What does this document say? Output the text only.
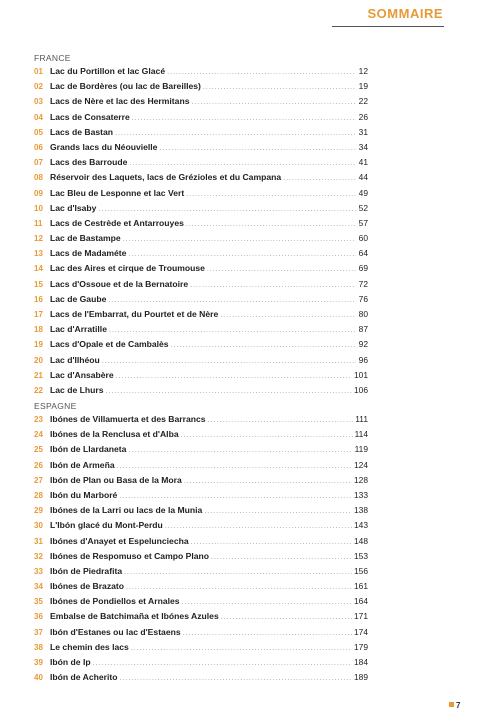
SOMMAIRE
FRANCE
01 Lac du Portillon et lac Glacé .....	12
02 Lac de Bordères (ou lac de Bareilles) .....	19
03 Lacs de Nère et lac des Hermitans .....	22
04 Lacs de Consaterre .....	26
05 Lacs de Bastan .....	31
06 Grands lacs du Néouvielle .....	34
07 Lacs des Barroude .....	41
08 Réservoir des Laquets, lacs de Grézioles et du Campana .....	44
09 Lac Bleu de Lesponne et lac Vert .....	49
10 Lac d'Isaby .....	52
11 Lacs de Cestrède et Antarrouyes .....	57
12 Lac de Bastampe .....	60
13 Lacs de Madaméte .....	64
14 Lac des Aires et cirque de Troumouse .....	69
15 Lacs d'Ossoue et de la Bernatoire .....	72
16 Lac de Gaube .....	76
17 Lacs de l'Embarrat, du Pourtet et de Nère .....	80
18 Lac d'Arratille .....	87
19 Lacs d'Opale et de Cambalès .....	92
20 Lac d'Ilhéou .....	96
21 Lac d'Ansabère .....	101
22 Lac de Lhurs .....	106
ESPAGNE
23 Ibónes de Villamuerta et des Barrancs .....	111
24 Ibónes de la Renclusa et d'Alba .....	114
25 Ibón de Llardaneta .....	119
26 Ibón de Armeña .....	124
27 Ibón de Plan ou Basa de la Mora .....	128
28 Ibón du Marboré .....	133
29 Ibónes de la Larri ou lacs de la Munia .....	138
30 L'Ibón glacé du Mont-Perdu .....	143
31 Ibónes d'Anayet et Espelunciecha .....	148
32 Ibónes de Respomuso et Campo Plano .....	153
33 Ibón de Piedrafita .....	156
34 Ibónes de Brazato .....	161
35 Ibónes de Pondiellos et Arnales .....	164
36 Embalse de Batchimaña et Ibónes Azules .....	171
37 Ibón d'Estanes ou lac d'Estaens .....	174
38 Le chemin des lacs .....	179
39 Ibón de Ip .....	184
40 Ibón de Acherito .....	189
7
